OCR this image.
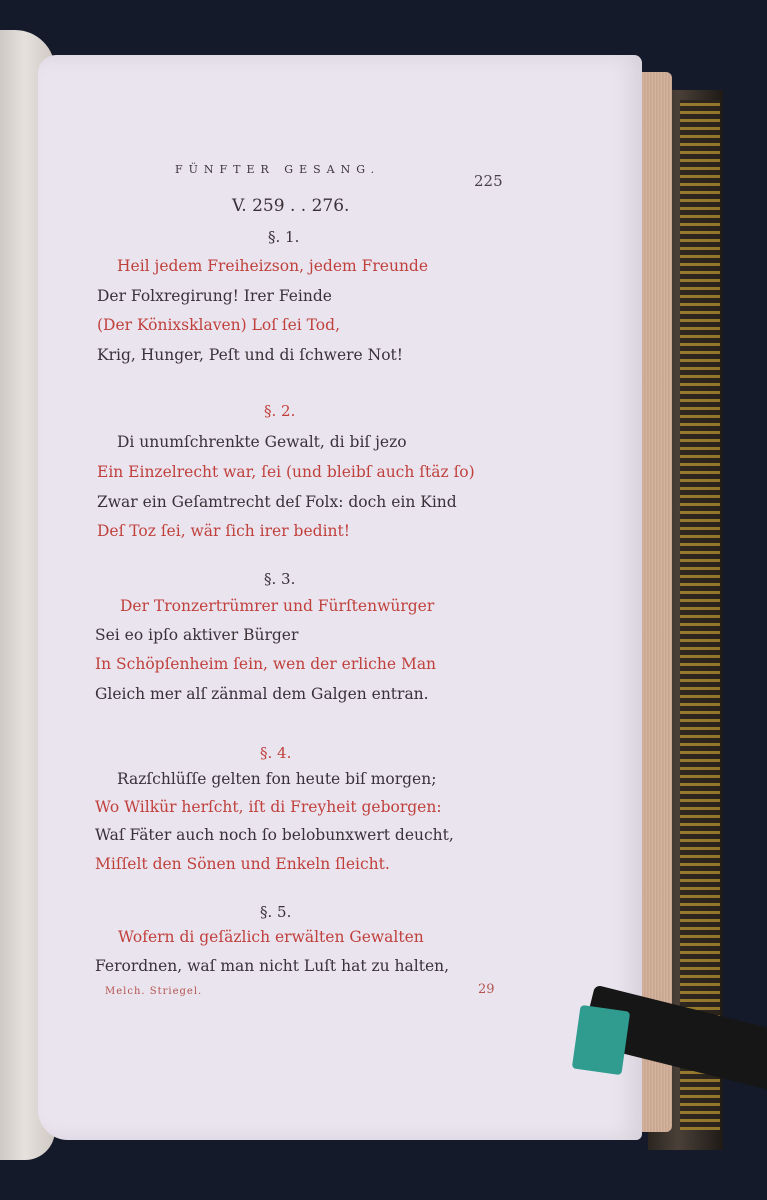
FÜNFTER GESANG.
225
V. 259 . . 276.
§. 1.
Heil jedem Freiheizson, jedem Freunde
Der Folxregirung! Irer Feinde
(Der Könixsklaven) Loſ ſei Tod,
Krig, Hunger, Peſt und di ſchwere Not!
§. 2.
Di unumſchrenkte Gewalt, di biſ jezo
Ein Einzelrecht war, ſei (und bleibſ auch ſtäz ſo)
Zwar ein Geſamtrecht deſ Folx: doch ein Kind
Deſ Toz ſei, wär ſich irer bedint!
§. 3.
Der Tronzertrümrer und Fürſtenwürger
Sei eo ipſo aktiver Bürger
In Schöpſenheim ſein, wen der erliche Man
Gleich mer alſ zänmal dem Galgen entran.
§. 4.
Razſchlüſſe gelten fon heute biſ morgen;
Wo Wilkür herſcht, iſt di Freyheit geborgen:
Waſ Fäter auch noch ſo belobunxwert deucht,
Miſſelt den Sönen und Enkeln ſleicht.
§. 5.
Wofern di geſäzlich erwälten Gewalten
Ferordnen, waſ man nicht Luſt hat zu halten,
Melch. Striegel.	29
